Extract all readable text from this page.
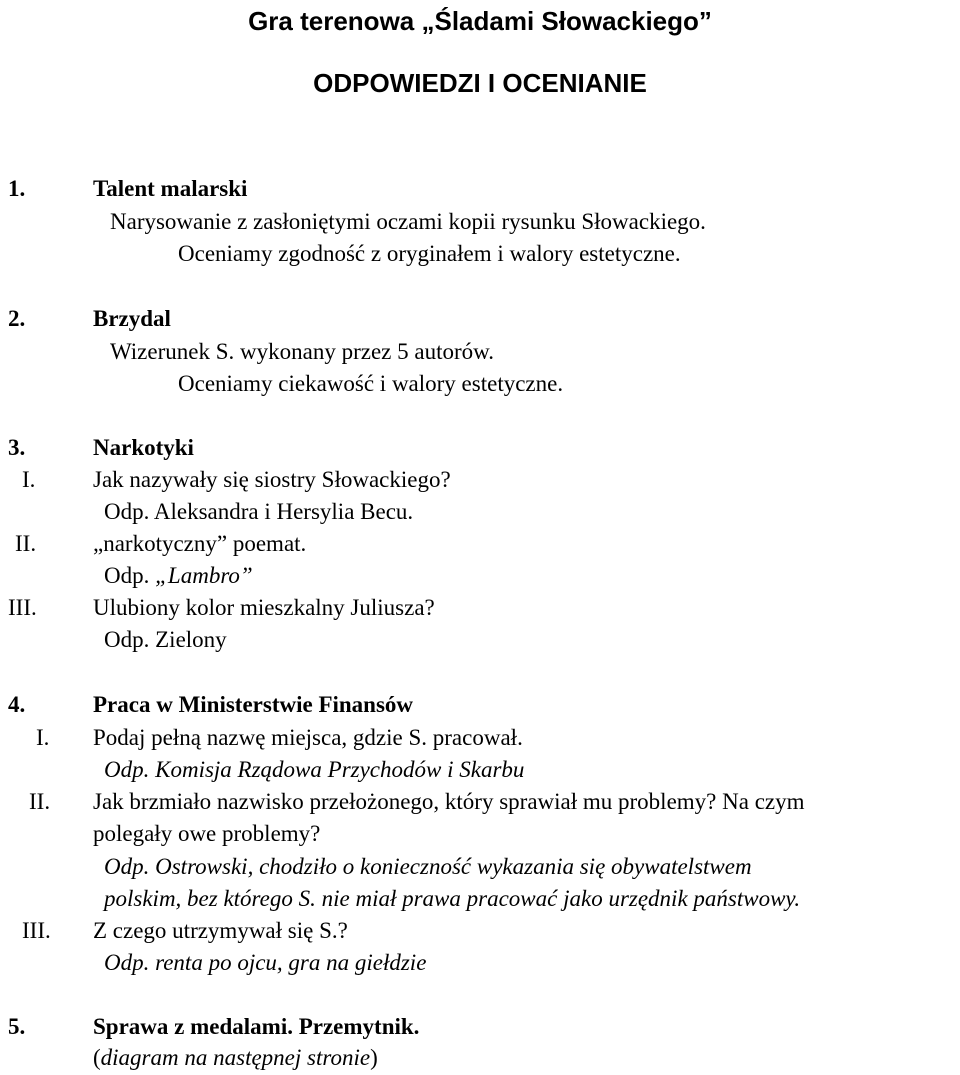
Gra terenowa „Śladami Słowackiego”
ODPOWIEDZI I OCENIANIE
1.	Talent malarski
Narysowanie z zasłoniętymi oczami kopii rysunku Słowackiego.
Oceniamy zgodność z oryginałem i walory estetyczne.
2.	Brzydal
Wizerunek S. wykonany przez 5 autorów.
Oceniamy ciekawość i walory estetyczne.
3.	Narkotyki
I.	Jak nazywały się siostry Słowackiego?
Odp. Aleksandra i Hersylia Becu.
II. „narkotyczny” poemat.
Odp. „Lambro”
III. Ulubiony kolor mieszkalny Juliusza?
Odp. Zielony
4.	Praca w Ministerstwie Finansów
I. Podaj pełną nazwę miejsca, gdzie S. pracował.
Odp. Komisja Rządowa Przychodów i Skarbu
II. Jak brzmiało nazwisko przełożonego, który sprawiał mu problemy? Na czym
polegały owe problemy?
Odp. Ostrowski, chodziło o konieczność wykazania się obywatelstwem
polskim, bez którego S. nie miał prawa pracować jako urzędnik państwowy.
III. Z czego utrzymywał się S.?
Odp. renta po ojcu, gra na giełdzie
5.	Sprawa z medalami. Przemytnik.
(diagram na następnej stronie)
